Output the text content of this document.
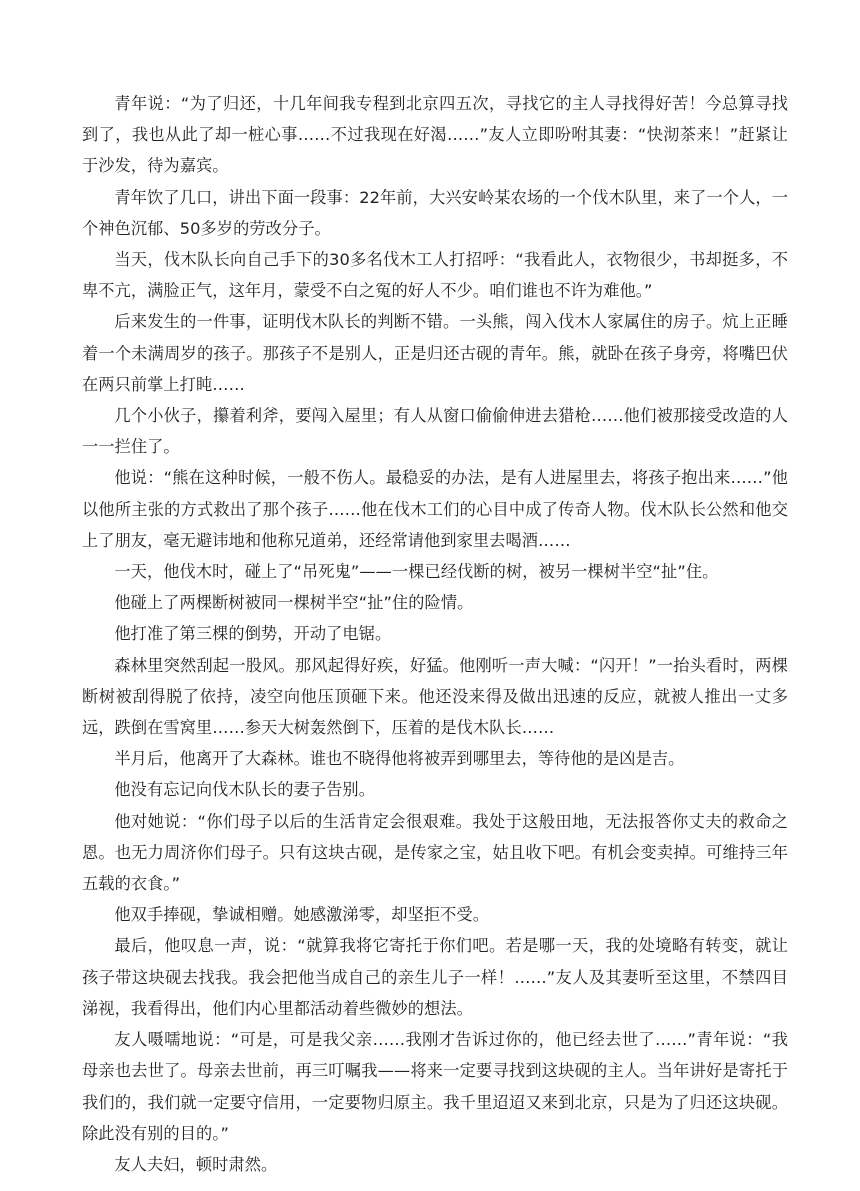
青年说：“为了归还，十几年间我专程到北京四五次，寻找它的主人寻找得好苦！今总算寻找到了，我也从此了却一桩心事……不过我现在好渴……”友人立即吩咐其妻：“快沏茶来！”赶紧让于沙发，待为嘉宾。

青年饮了几口，讲出下面一段事：22年前，大兴安岭某农场的一个伐木队里，来了一个人，一个神色沉郁、50多岁的劳改分子。

当天，伐木队长向自己手下的30多名伐木工人打招呼：“我看此人，衣物很少，书却挺多，不卑不亢，满脸正气，这年月，蒙受不白之冤的好人不少。咱们谁也不许为难他。”

后来发生的一件事，证明伐木队长的判断不错。一头熊，闯入伐木人家属住的房子。炕上正睡着一个未满周岁的孩子。那孩子不是别人，正是归还古砚的青年。熊，就卧在孩子身旁，将嘴巴伏在两只前掌上打盹……

几个小伙子，攥着利斧，要闯入屋里；有人从窗口偷偷伸进去猎枪……他们被那接受改造的人一一拦住了。

他说：“熊在这种时候，一般不伤人。最稳妥的办法，是有人进屋里去，将孩子抱出来……”他以他所主张的方式救出了那个孩子……他在伐木工们的心目中成了传奇人物。伐木队长公然和他交上了朋友，毫无避讳地和他称兄道弟，还经常请他到家里去喝酒……

一天，他伐木时，碰上了“吊死鬼”——一棵已经伐断的树，被另一棵树半空“扯”住。

他碰上了两棵断树被同一棵树半空“扯”住的险情。

他打准了第三棵的倒势，开动了电锯。

森林里突然刮起一股风。那风起得好疾，好猛。他刚听一声大喊：“闪开！”一抬头看时，两棵断树被刮得脱了依持，凌空向他压顶砸下来。他还没来得及做出迅速的反应，就被人推出一丈多远，跌倒在雪窝里……参天大树轰然倒下，压着的是伐木队长……

半月后，他离开了大森林。谁也不晓得他将被弄到哪里去，等待他的是凶是吉。

他没有忘记向伐木队长的妻子告别。

他对她说：“你们母子以后的生活肯定会很艰难。我处于这般田地，无法报答你丈夫的救命之恩。也无力周济你们母子。只有这块古砚，是传家之宝，姑且收下吧。有机会变卖掉。可维持三年五载的衣食。”

他双手捧砚，挚诚相赠。她感激涕零，却坚拒不受。

最后，他叹息一声，说：“就算我将它寄托于你们吧。若是哪一天，我的处境略有转变，就让孩子带这块砚去找我。我会把他当成自己的亲生儿子一样！……”友人及其妻听至这里，不禁四目涕视，我看得出，他们内心里都活动着些微妙的想法。

友人嗫嚅地说：“可是，可是我父亲……我刚才告诉过你的，他已经去世了……”青年说：“我母亲也去世了。母亲去世前，再三叮嘱我——将来一定要寻找到这块砚的主人。当年讲好是寄托于我们的，我们就一定要守信用，一定要物归原主。我千里迢迢又来到北京，只是为了归还这块砚。除此没有别的目的。”

友人夫妇，顿时肃然。
